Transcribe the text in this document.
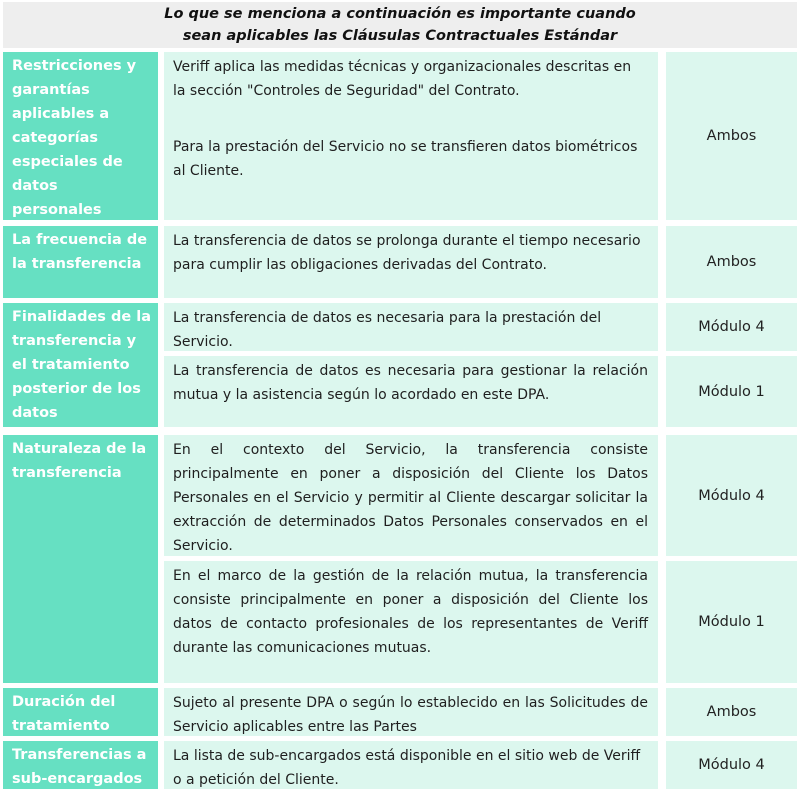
Lo que se menciona a continuación es importante cuando
sean aplicables las Cláusulas Contractuales Estándar
Restricciones y garantías aplicables a categorías especiales de datos personales

Veriff aplica las medidas técnicas y organizacionales descritas en la sección "Controles de Seguridad" del Contrato.

Para la prestación del Servicio no se transfieren datos biométricos al Cliente.

Ambos
La frecuencia de la transferencia

La transferencia de datos se prolonga durante el tiempo necesario para cumplir las obligaciones derivadas del Contrato.	Ambos
Finalidades de la transferencia y el tratamiento posterior de los datos

La transferencia de datos es necesaria para la prestación del Servicio.

Módulo 4

La transferencia de datos es necesaria para gestionar la relación mutua y la asistencia según lo acordado en este DPA.	Módulo 1
Naturaleza de la transferencia

En el contexto del Servicio, la transferencia consiste principalmente en poner a disposición del Cliente los Datos Personales en el Servicio y permitir al Cliente descargar solicitar la extracción de determinados Datos Personales conservados en el Servicio.

Módulo 4

En el marco de la gestión de la relación mutua, la transferencia consiste principalmente en poner a disposición del Cliente los datos de contacto profesionales de los representantes de Veriff durante las comunicaciones mutuas.

Módulo 1
Duración del tratamiento

Sujeto al presente DPA o según lo establecido en las Solicitudes de Servicio aplicables entre las Partes

Ambos
Transferencias a sub-encargados

La lista de sub-encargados está disponible en el sitio web de Veriff o a petición del Cliente.

Módulo 4
